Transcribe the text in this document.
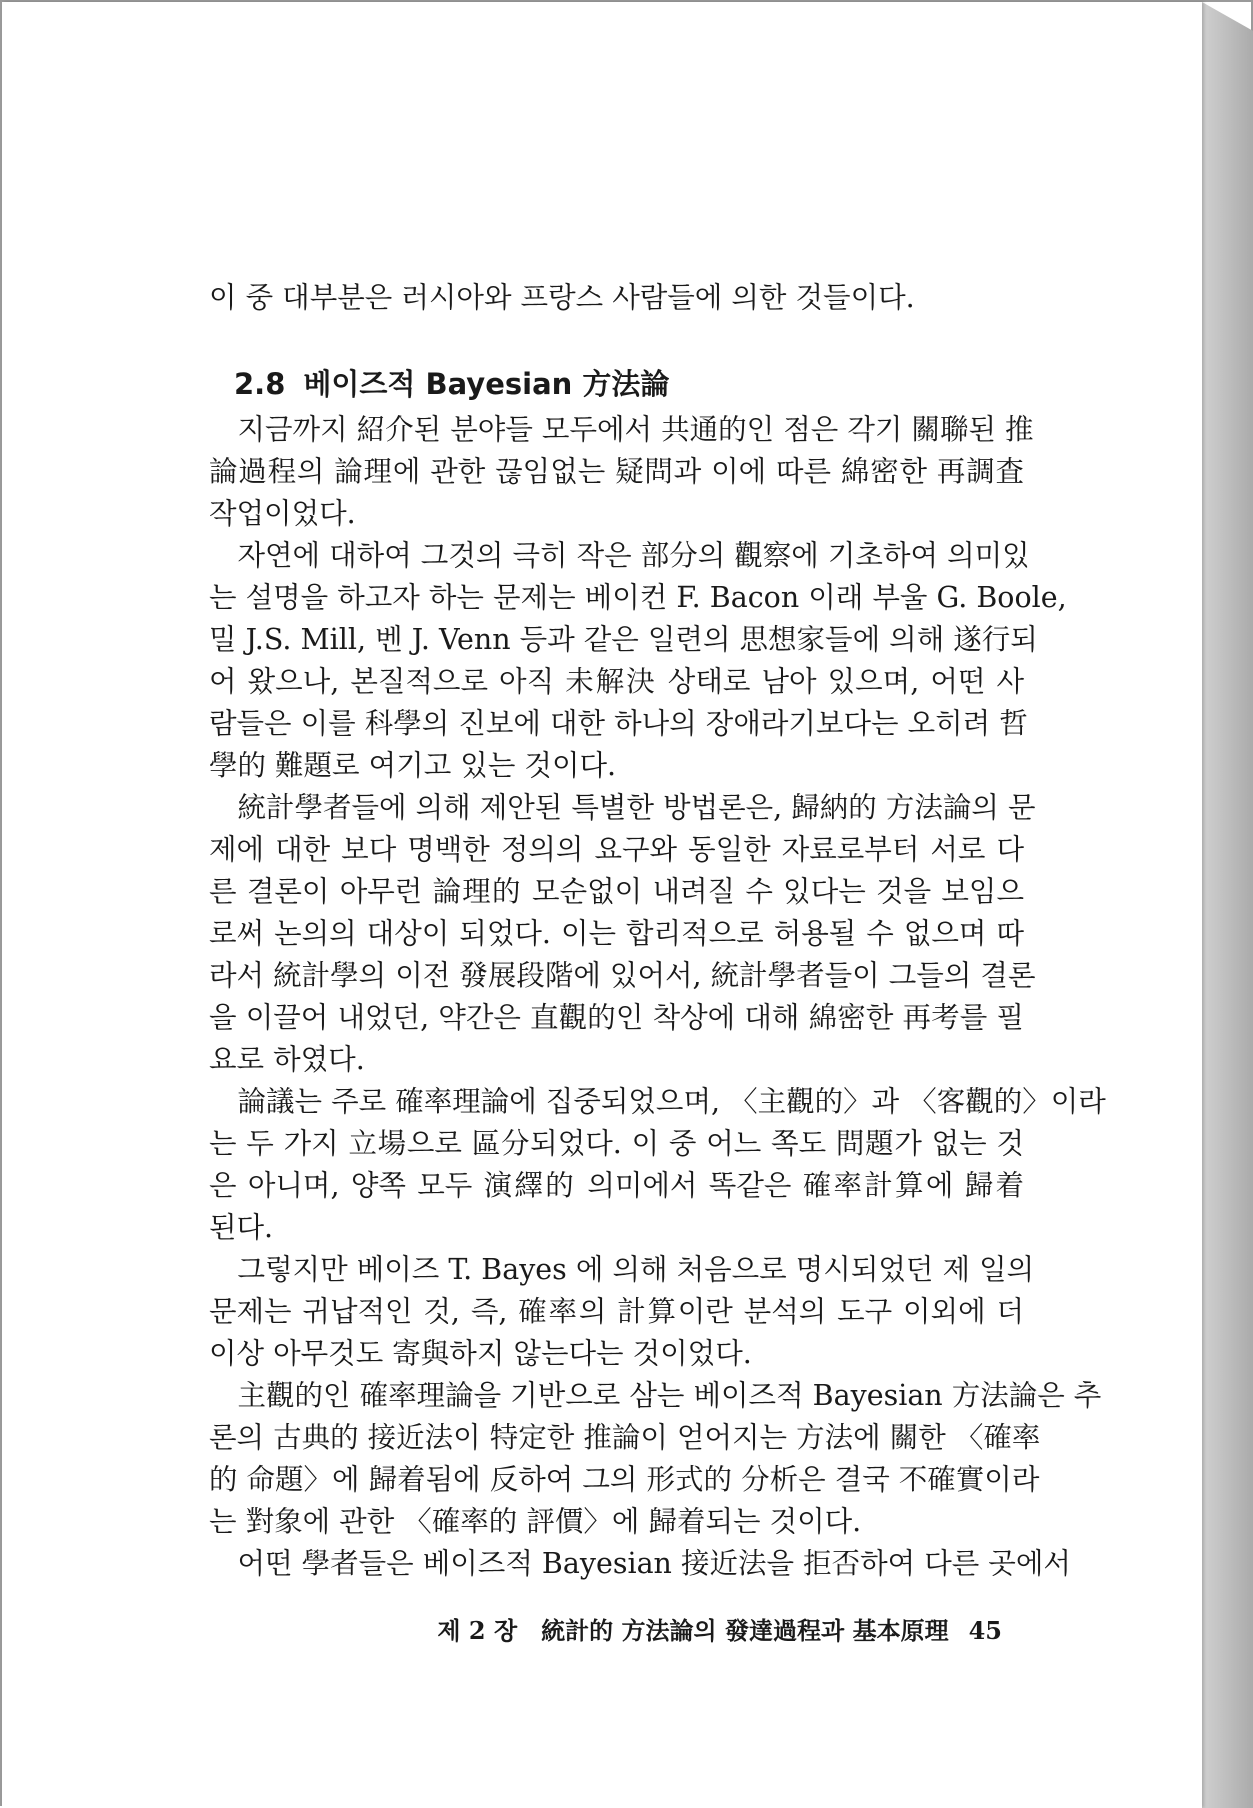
이 중 대부분은 러시아와 프랑스 사람들에 의한 것들이다.
2.8 베이즈적 Bayesian 方法論
　지금까지 紹介된 분야들 모두에서 共通的인 점은 각기 關聯된 推
論過程의 論理에 관한 끊임없는 疑問과 이에 따른 綿密한 再調査
작업이었다.
　자연에 대하여 그것의 극히 작은 部分의 觀察에 기초하여 의미있
는 설명을 하고자 하는 문제는 베이컨 F. Bacon 이래 부울 G. Boole,
밀 J.S. Mill, 벤 J. Venn 등과 같은 일련의 思想家들에 의해 遂行되
어 왔으나, 본질적으로 아직 未解決 상태로 남아 있으며, 어떤 사
람들은 이를 科學의 진보에 대한 하나의 장애라기보다는 오히려 哲
學的 難題로 여기고 있는 것이다.
　統計學者들에 의해 제안된 특별한 방법론은, 歸納的 方法論의 문
제에 대한 보다 명백한 정의의 요구와 동일한 자료로부터 서로 다
른 결론이 아무런 論理的 모순없이 내려질 수 있다는 것을 보임으
로써 논의의 대상이 되었다. 이는 합리적으로 허용될 수 없으며 따
라서 統計學의 이전 發展段階에 있어서, 統計學者들이 그들의 결론
을 이끌어 내었던, 약간은 直觀的인 착상에 대해 綿密한 再考를 필
요로 하였다.
　論議는 주로 確率理論에 집중되었으며, 〈主觀的〉과 〈客觀的〉이라
는 두 가지 立場으로 區分되었다. 이 중 어느 쪽도 問題가 없는 것
은 아니며, 양쪽 모두 演繹的 의미에서 똑같은 確率計算에 歸着
된다.
　그렇지만 베이즈 T. Bayes 에 의해 처음으로 명시되었던 제 일의
문제는 귀납적인 것, 즉, 確率의 計算이란 분석의 도구 이외에 더
이상 아무것도 寄與하지 않는다는 것이었다.
　主觀的인 確率理論을 기반으로 삼는 베이즈적 Bayesian 方法論은 추
론의 古典的 接近法이 特定한 推論이 얻어지는 方法에 關한 〈確率
的 命題〉에 歸着됨에 反하여 그의 形式的 分析은 결국 不確實이라
는 對象에 관한 〈確率的 評價〉에 歸着되는 것이다.
　어떤 學者들은 베이즈적 Bayesian 接近法을 拒否하여 다른 곳에서
제 2 장　統計的 方法論의 發達過程과 基本原理 45
